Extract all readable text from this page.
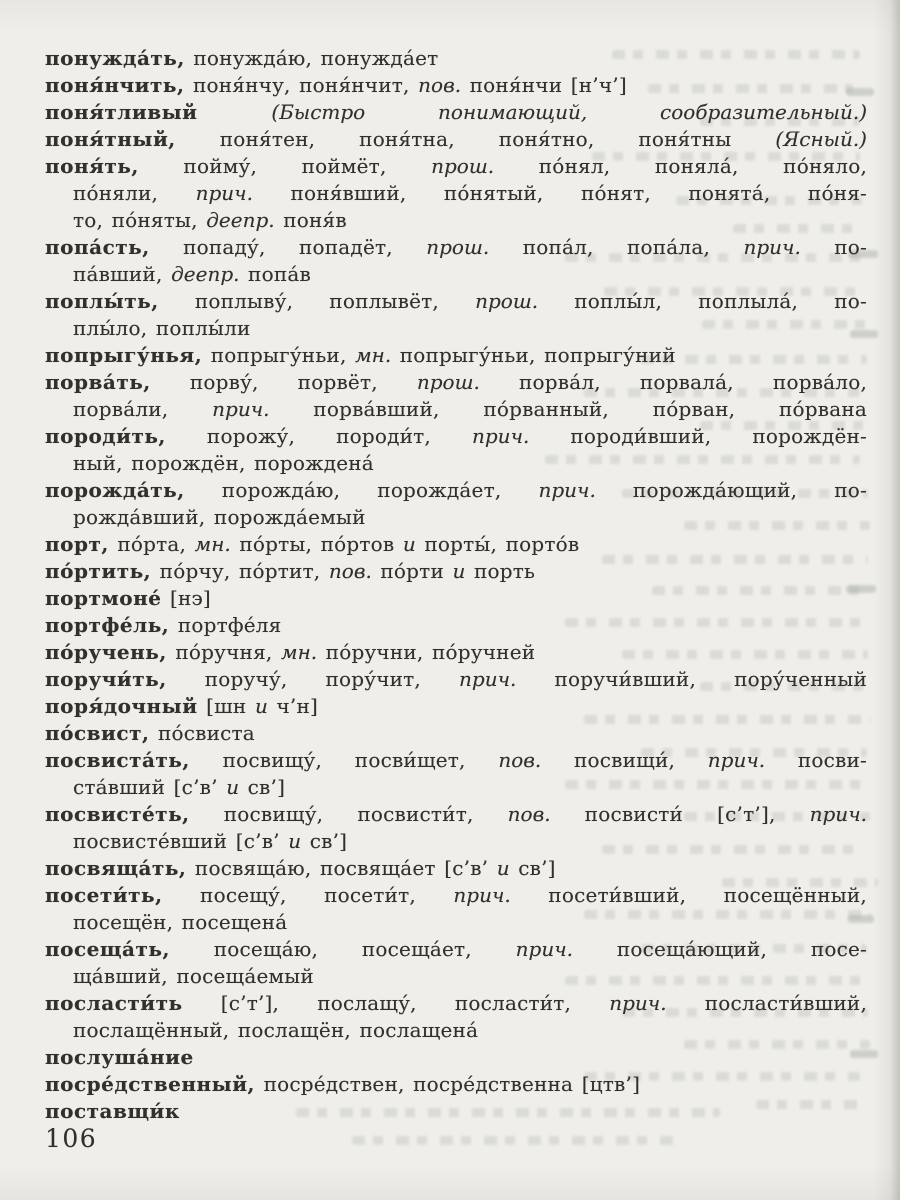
понужда́ть, понужда́ю, понужда́ет
поня́нчить, поня́нчу, поня́нчит, пов. поня́нчи [н’ч’]
поня́тливый (Быстро понимающий, сообразительный.)
поня́тный, поня́тен, поня́тна, поня́тно, поня́тны (Ясный.)
поня́ть, пойму́, поймёт, прош. по́нял, поняла́, по́няло,
по́няли, прич. поня́вший, по́нятый, по́нят, понята́, по́ня-
то, по́няты, деепр. поня́в
попа́сть, попаду́, попадёт, прош. попа́л, попа́ла, прич. по-
па́вший, деепр. попа́в
поплы́ть, поплыву́, поплывёт, прош. поплы́л, поплыла́, по-
плы́ло, поплы́ли
попрыгу́нья, попрыгу́ньи, мн. попрыгу́ньи, попрыгу́ний
порва́ть, порву́, порвёт, прош. порва́л, порвала́, порва́ло,
порва́ли, прич. порва́вший, по́рванный, по́рван, по́рвана
породи́ть, порожу́, породи́т, прич. породи́вший, порождён-
ный, порождён, порождена́
порожда́ть, порожда́ю, порожда́ет, прич. порожда́ющий, по-
рожда́вший, порожда́емый
порт, по́рта, мн. по́рты, по́ртов и порты́, порто́в
по́ртить, по́рчу, по́ртит, пов. по́рти и порть
портмоне́ [нэ]
портфе́ль, портфе́ля
по́ручень, по́ручня, мн. по́ручни, по́ручней
поручи́ть, поручу́, пору́чит, прич. поручи́вший, пору́ченный
поря́дочный [шн и ч’н]
по́свист, по́свиста
посвиста́ть, посвищу́, посви́щет, пов. посвищи́, прич. посви-
ста́вший [с’в’ и св’]
посвисте́ть, посвищу́, посвисти́т, пов. посвисти́ [с’т’], прич.
посвисте́вший [с’в’ и св’]
посвяща́ть, посвяща́ю, посвяща́ет [с’в’ и св’]
посети́ть, посещу́, посети́т, прич. посети́вший, посещённый,
посещён, посещена́
посеща́ть, посеща́ю, посеща́ет, прич. посеща́ющий, посе-
ща́вший, посеща́емый
посласти́ть [с’т’], послащу́, посласти́т, прич. посласти́вший,
послащённый, послащён, послащена́
послуша́ние
посре́дственный, посре́дствен, посре́дственна [цтв’]
поставщи́к
106
